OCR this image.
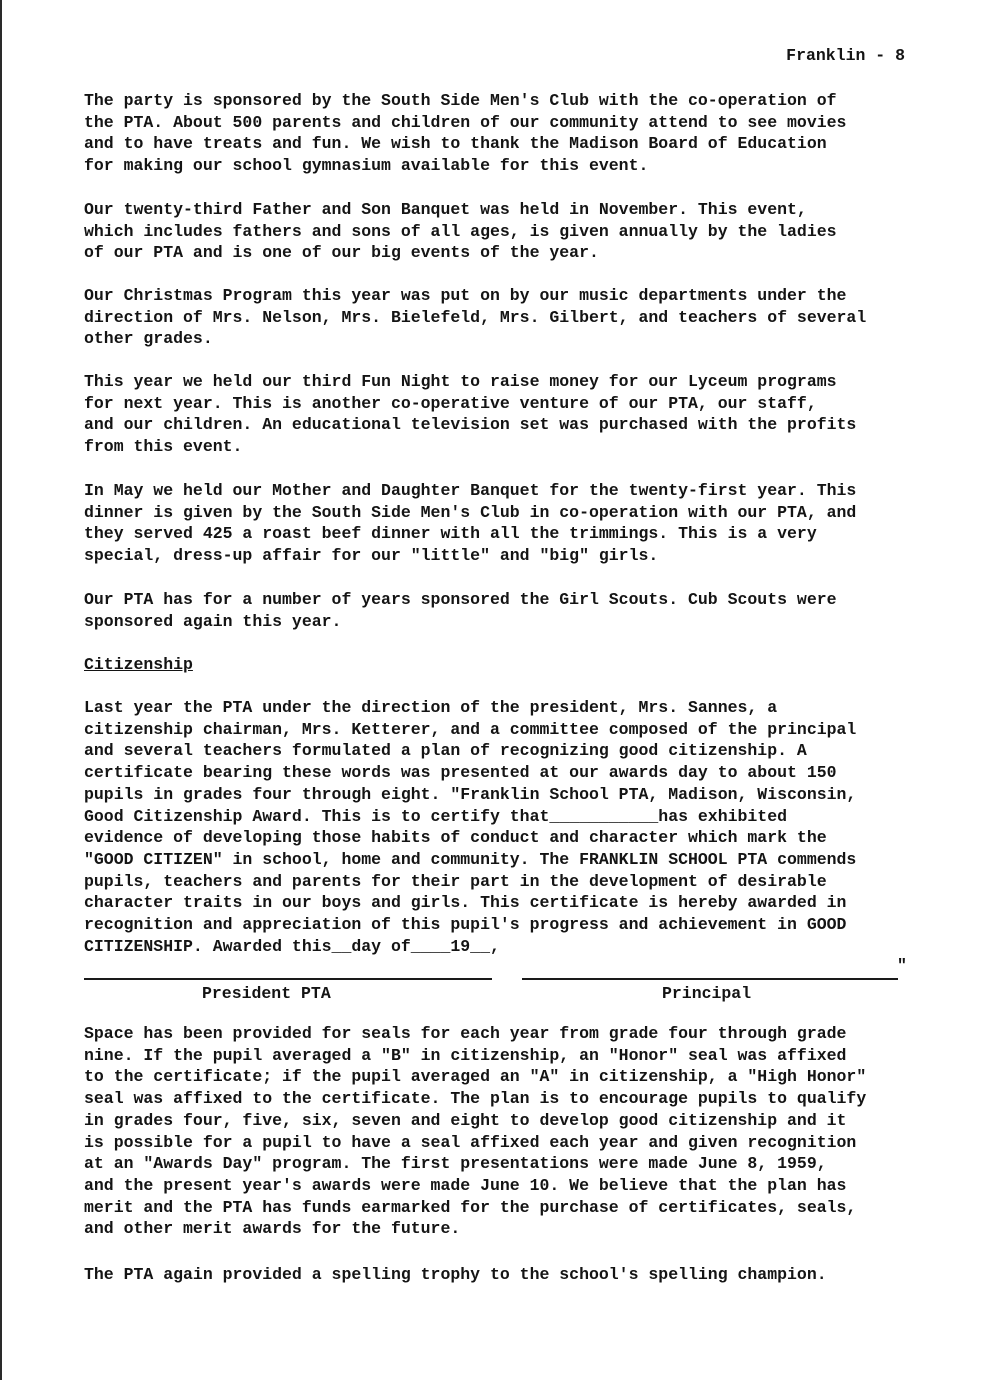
Franklin - 8
The party is sponsored by the South Side Men's Club with the co-operation of
the PTA. About 500 parents and children of our community attend to see movies
and to have treats and fun. We wish to thank the Madison Board of Education
for making our school gymnasium available for this event.
Our twenty-third Father and Son Banquet was held in November. This event,
which includes fathers and sons of all ages, is given annually by the ladies
of our PTA and is one of our big events of the year.
Our Christmas Program this year was put on by our music departments under the
direction of Mrs. Nelson, Mrs. Bielefeld, Mrs. Gilbert, and teachers of several
other grades.
This year we held our third Fun Night to raise money for our Lyceum programs
for next year. This is another co-operative venture of our PTA, our staff,
and our children. An educational television set was purchased with the profits
from this event.
In May we held our Mother and Daughter Banquet for the twenty-first year. This
dinner is given by the South Side Men's Club in co-operation with our PTA, and
they served 425 a roast beef dinner with all the trimmings. This is a very
special, dress-up affair for our "little" and "big" girls.
Our PTA has for a number of years sponsored the Girl Scouts. Cub Scouts were
sponsored again this year.
Citizenship
Last year the PTA under the direction of the president, Mrs. Sannes, a
citizenship chairman, Mrs. Ketterer, and a committee composed of the principal
and several teachers formulated a plan of recognizing good citizenship. A
certificate bearing these words was presented at our awards day to about 150
pupils in grades four through eight. "Franklin School PTA, Madison, Wisconsin,
Good Citizenship Award. This is to certify that___________has exhibited
evidence of developing those habits of conduct and character which mark the
"GOOD CITIZEN" in school, home and community. The FRANKLIN SCHOOL PTA commends
pupils, teachers and parents for their part in the development of desirable
character traits in our boys and girls. This certificate is hereby awarded in
recognition and appreciation of this pupil's progress and achievement in GOOD
CITIZENSHIP. Awarded this__day of____19__,
"
President PTA	Principal
Space has been provided for seals for each year from grade four through grade
nine. If the pupil averaged a "B" in citizenship, an "Honor" seal was affixed
to the certificate; if the pupil averaged an "A" in citizenship, a "High Honor"
seal was affixed to the certificate. The plan is to encourage pupils to qualify
in grades four, five, six, seven and eight to develop good citizenship and it
is possible for a pupil to have a seal affixed each year and given recognition
at an "Awards Day" program. The first presentations were made June 8, 1959,
and the present year's awards were made June 10. We believe that the plan has
merit and the PTA has funds earmarked for the purchase of certificates, seals,
and other merit awards for the future.
The PTA again provided a spelling trophy to the school's spelling champion.
